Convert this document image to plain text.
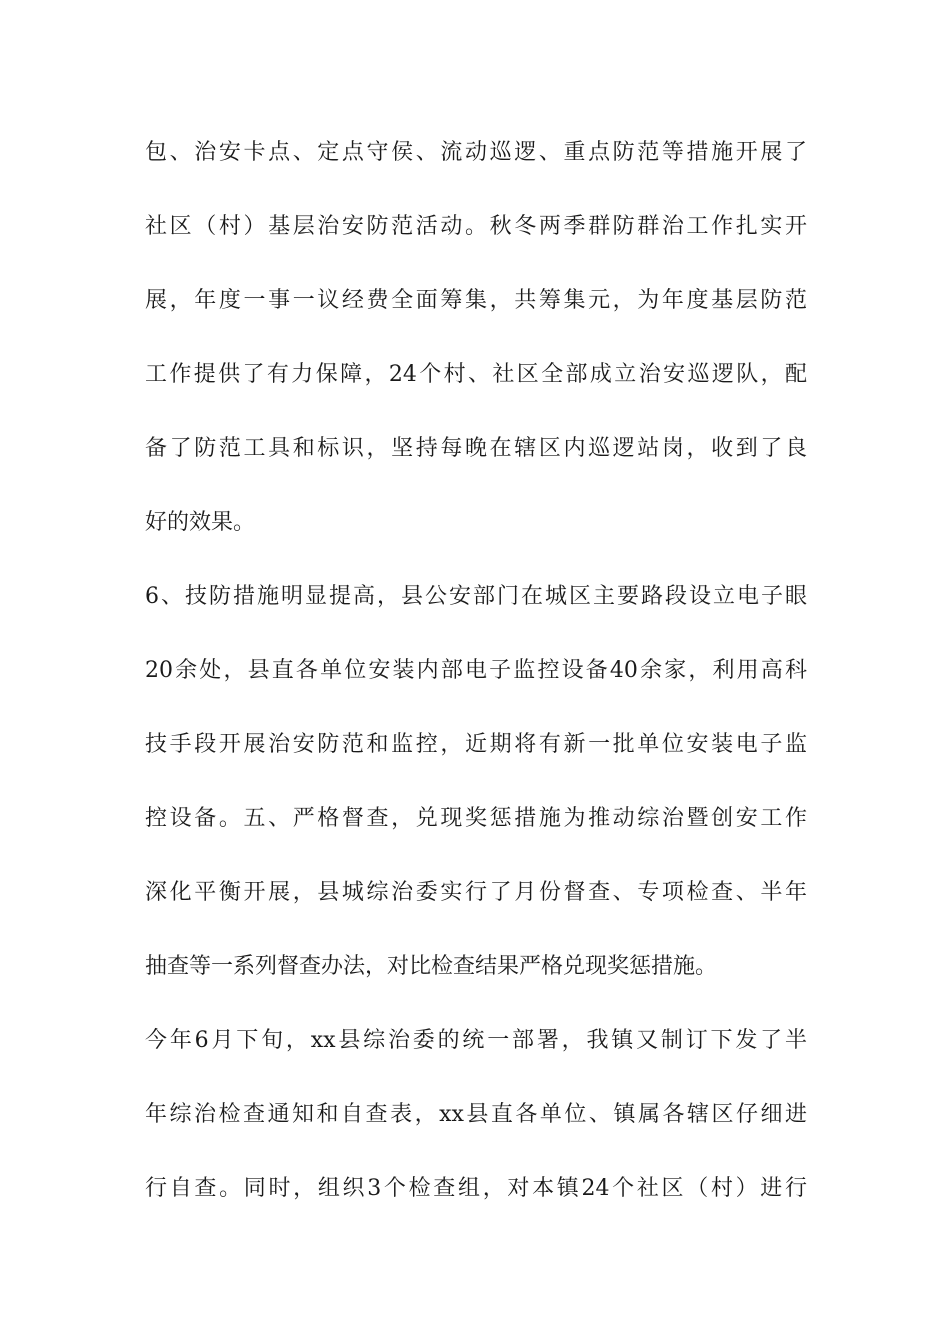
包、治安卡点、定点守侯、流动巡逻、重点防范等措施开展了
社区（村）基层治安防范活动。秋冬两季群防群治工作扎实开
展，年度一事一议经费全面筹集，共筹集元，为年度基层防范
工作提供了有力保障，24个村、社区全部成立治安巡逻队，配
备了防范工具和标识，坚持每晚在辖区内巡逻站岗，收到了良
好的效果。
6、技防措施明显提高，县公安部门在城区主要路段设立电子眼
20余处，县直各单位安装内部电子监控设备40余家，利用高科
技手段开展治安防范和监控，近期将有新一批单位安装电子监
控设备。五、严格督查，兑现奖惩措施为推动综治暨创安工作
深化平衡开展，县城综治委实行了月份督查、专项检查、半年
抽查等一系列督查办法，对比检查结果严格兑现奖惩措施。
今年6月下旬，xx县综治委的统一部署，我镇又制订下发了半
年综治检查通知和自查表，xx县直各单位、镇属各辖区仔细进
行自查。同时，组织3个检查组，对本镇24个社区（村）进行
